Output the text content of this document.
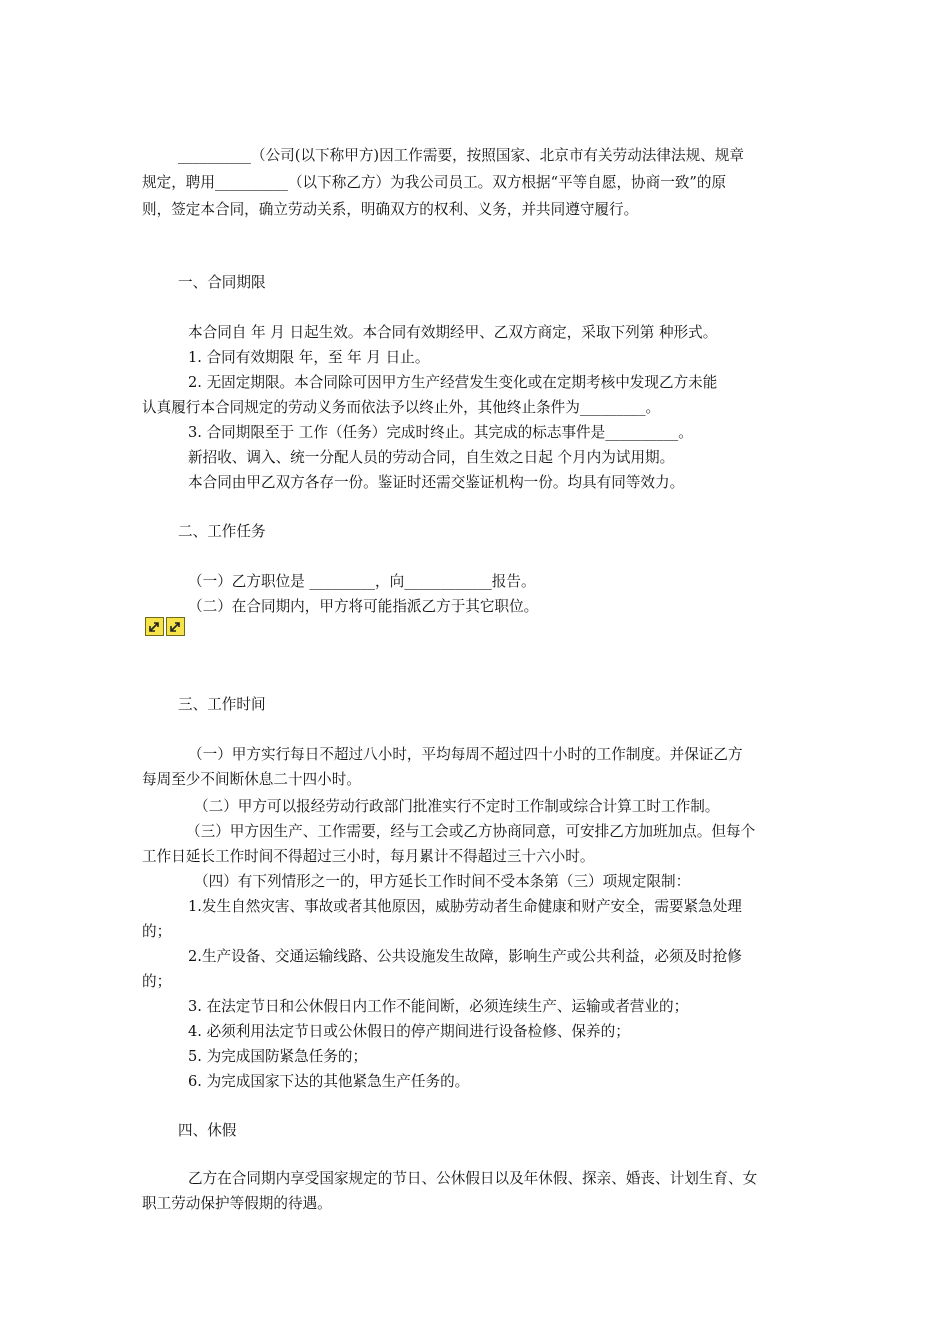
__________（公司(以下称甲方)因工作需要，按照国家、北京市有关劳动法律法规、规章
规定，聘用__________（以下称乙方）为我公司员工。双方根据“平等自愿，协商一致”的原
则，签定本合同，确立劳动关系，明确双方的权利、义务，并共同遵守履行。
一、合同期限
本合同自 年 月 日起生效。本合同有效期经甲、乙双方商定，采取下列第 种形式。
1. 合同有效期限 年，至 年 月 日止。
2. 无固定期限。本合同除可因甲方生产经营发生变化或在定期考核中发现乙方未能
认真履行本合同规定的劳动义务而依法予以终止外，其他终止条件为_________。
3. 合同期限至于 工作（任务）完成时终止。其完成的标志事件是__________。
新招收、调入、统一分配人员的劳动合同，自生效之日起 个月内为试用期。
本合同由甲乙双方各存一份。鉴证时还需交鉴证机构一份。均具有同等效力。
二、工作任务
（一）乙方职位是 _________，向____________报告。
（二）在合同期内，甲方将可能指派乙方于其它职位。
三、工作时间
（一）甲方实行每日不超过八小时，平均每周不超过四十小时的工作制度。并保证乙方
每周至少不间断休息二十四小时。
（二）甲方可以报经劳动行政部门批准实行不定时工作制或综合计算工时工作制。
（三）甲方因生产、工作需要，经与工会或乙方协商同意，可安排乙方加班加点。但每个
工作日延长工作时间不得超过三小时，每月累计不得超过三十六小时。
（四）有下列情形之一的，甲方延长工作时间不受本条第（三）项规定限制：
1.发生自然灾害、事故或者其他原因，威胁劳动者生命健康和财产安全，需要紧急处理
的；
2.生产设备、交通运输线路、公共设施发生故障，影响生产或公共利益，必须及时抢修
的；
3. 在法定节日和公休假日内工作不能间断，必须连续生产、运输或者营业的；
4. 必须利用法定节日或公休假日的停产期间进行设备检修、保养的；
5. 为完成国防紧急任务的；
6. 为完成国家下达的其他紧急生产任务的。
四、休假
乙方在合同期内享受国家规定的节日、公休假日以及年休假、探亲、婚丧、计划生育、女
职工劳动保护等假期的待遇。
